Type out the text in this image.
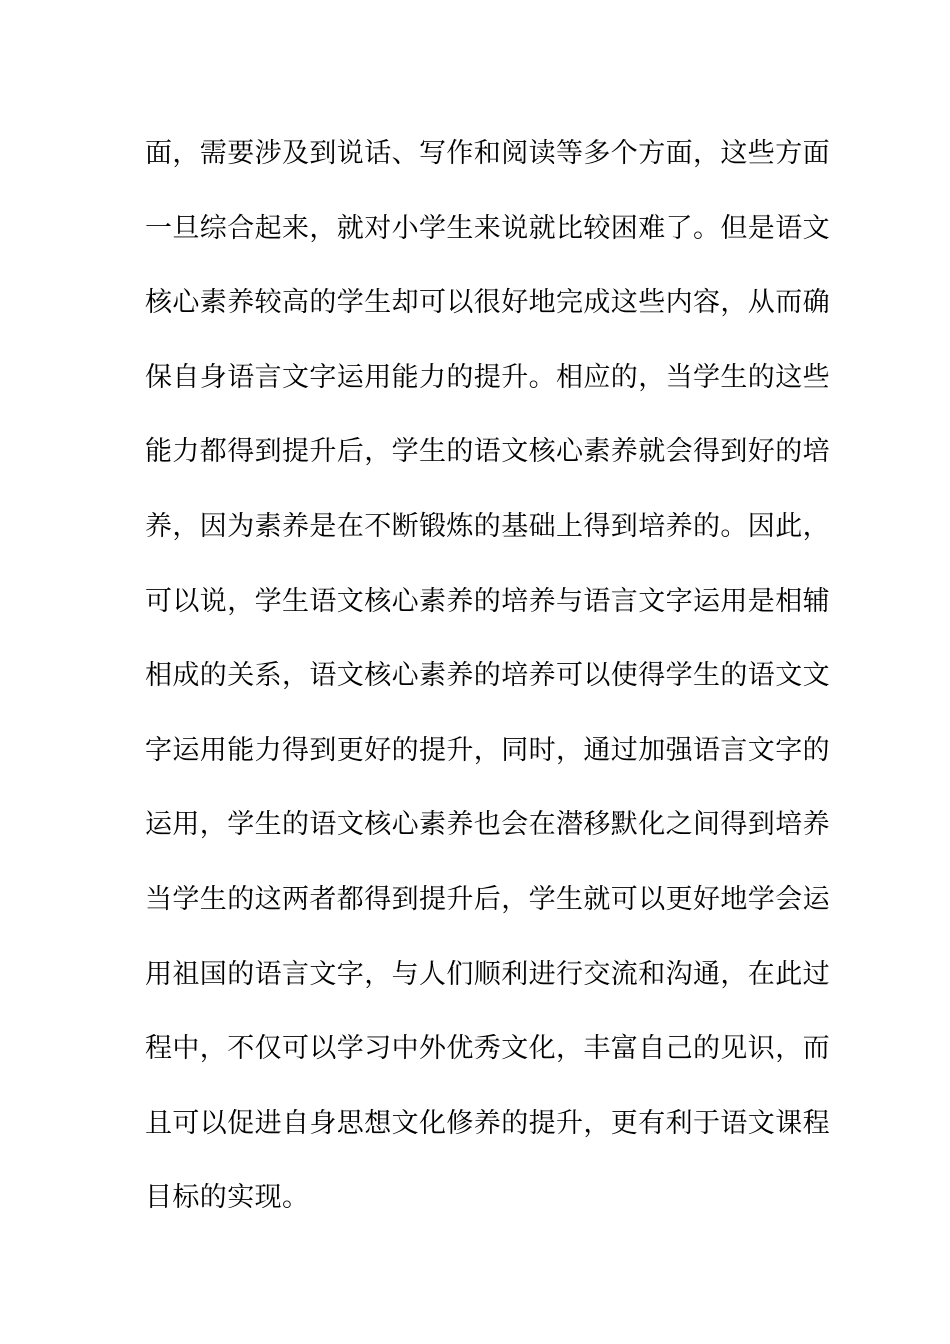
面，需要涉及到说话、写作和阅读等多个方面，这些方面
一旦综合起来，就对小学生来说就比较困难了。但是语文
核心素养较高的学生却可以很好地完成这些内容，从而确
保自身语言文字运用能力的提升。相应的，当学生的这些
能力都得到提升后，学生的语文核心素养就会得到好的培
养，因为素养是在不断锻炼的基础上得到培养的。因此，
可以说，学生语文核心素养的培养与语言文字运用是相辅
相成的关系，语文核心素养的培养可以使得学生的语文文
字运用能力得到更好的提升，同时，通过加强语言文字的
运用，学生的语文核心素养也会在潜移默化之间得到培养
当学生的这两者都得到提升后，学生就可以更好地学会运
用祖国的语言文字，与人们顺利进行交流和沟通，在此过
程中，不仅可以学习中外优秀文化，丰富自己的见识，而
且可以促进自身思想文化修养的提升，更有利于语文课程
目标的实现。
